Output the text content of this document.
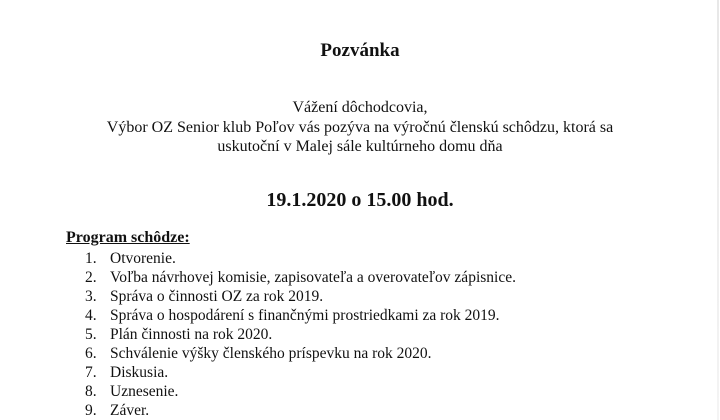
Pozvánka
Vážení dôchodcovia,
Výbor OZ Senior klub Poľov vás pozýva na výročnú členskú schôdzu, ktorá sa
uskutoční v Malej sále kultúrneho domu dňa
19.1.2020 o 15.00 hod.
Program schôdze:
1. Otvorenie.
2. Voľba návrhovej komisie, zapisovateľa a overovateľov zápisnice.
3. Správa o činnosti OZ za rok 2019.
4. Správa o hospodárení s finančnými prostriedkami za rok 2019.
5. Plán činnosti na rok 2020.
6. Schválenie výšky členského príspevku na rok 2020.
7. Diskusia.
8. Uznesenie.
9. Záver.
